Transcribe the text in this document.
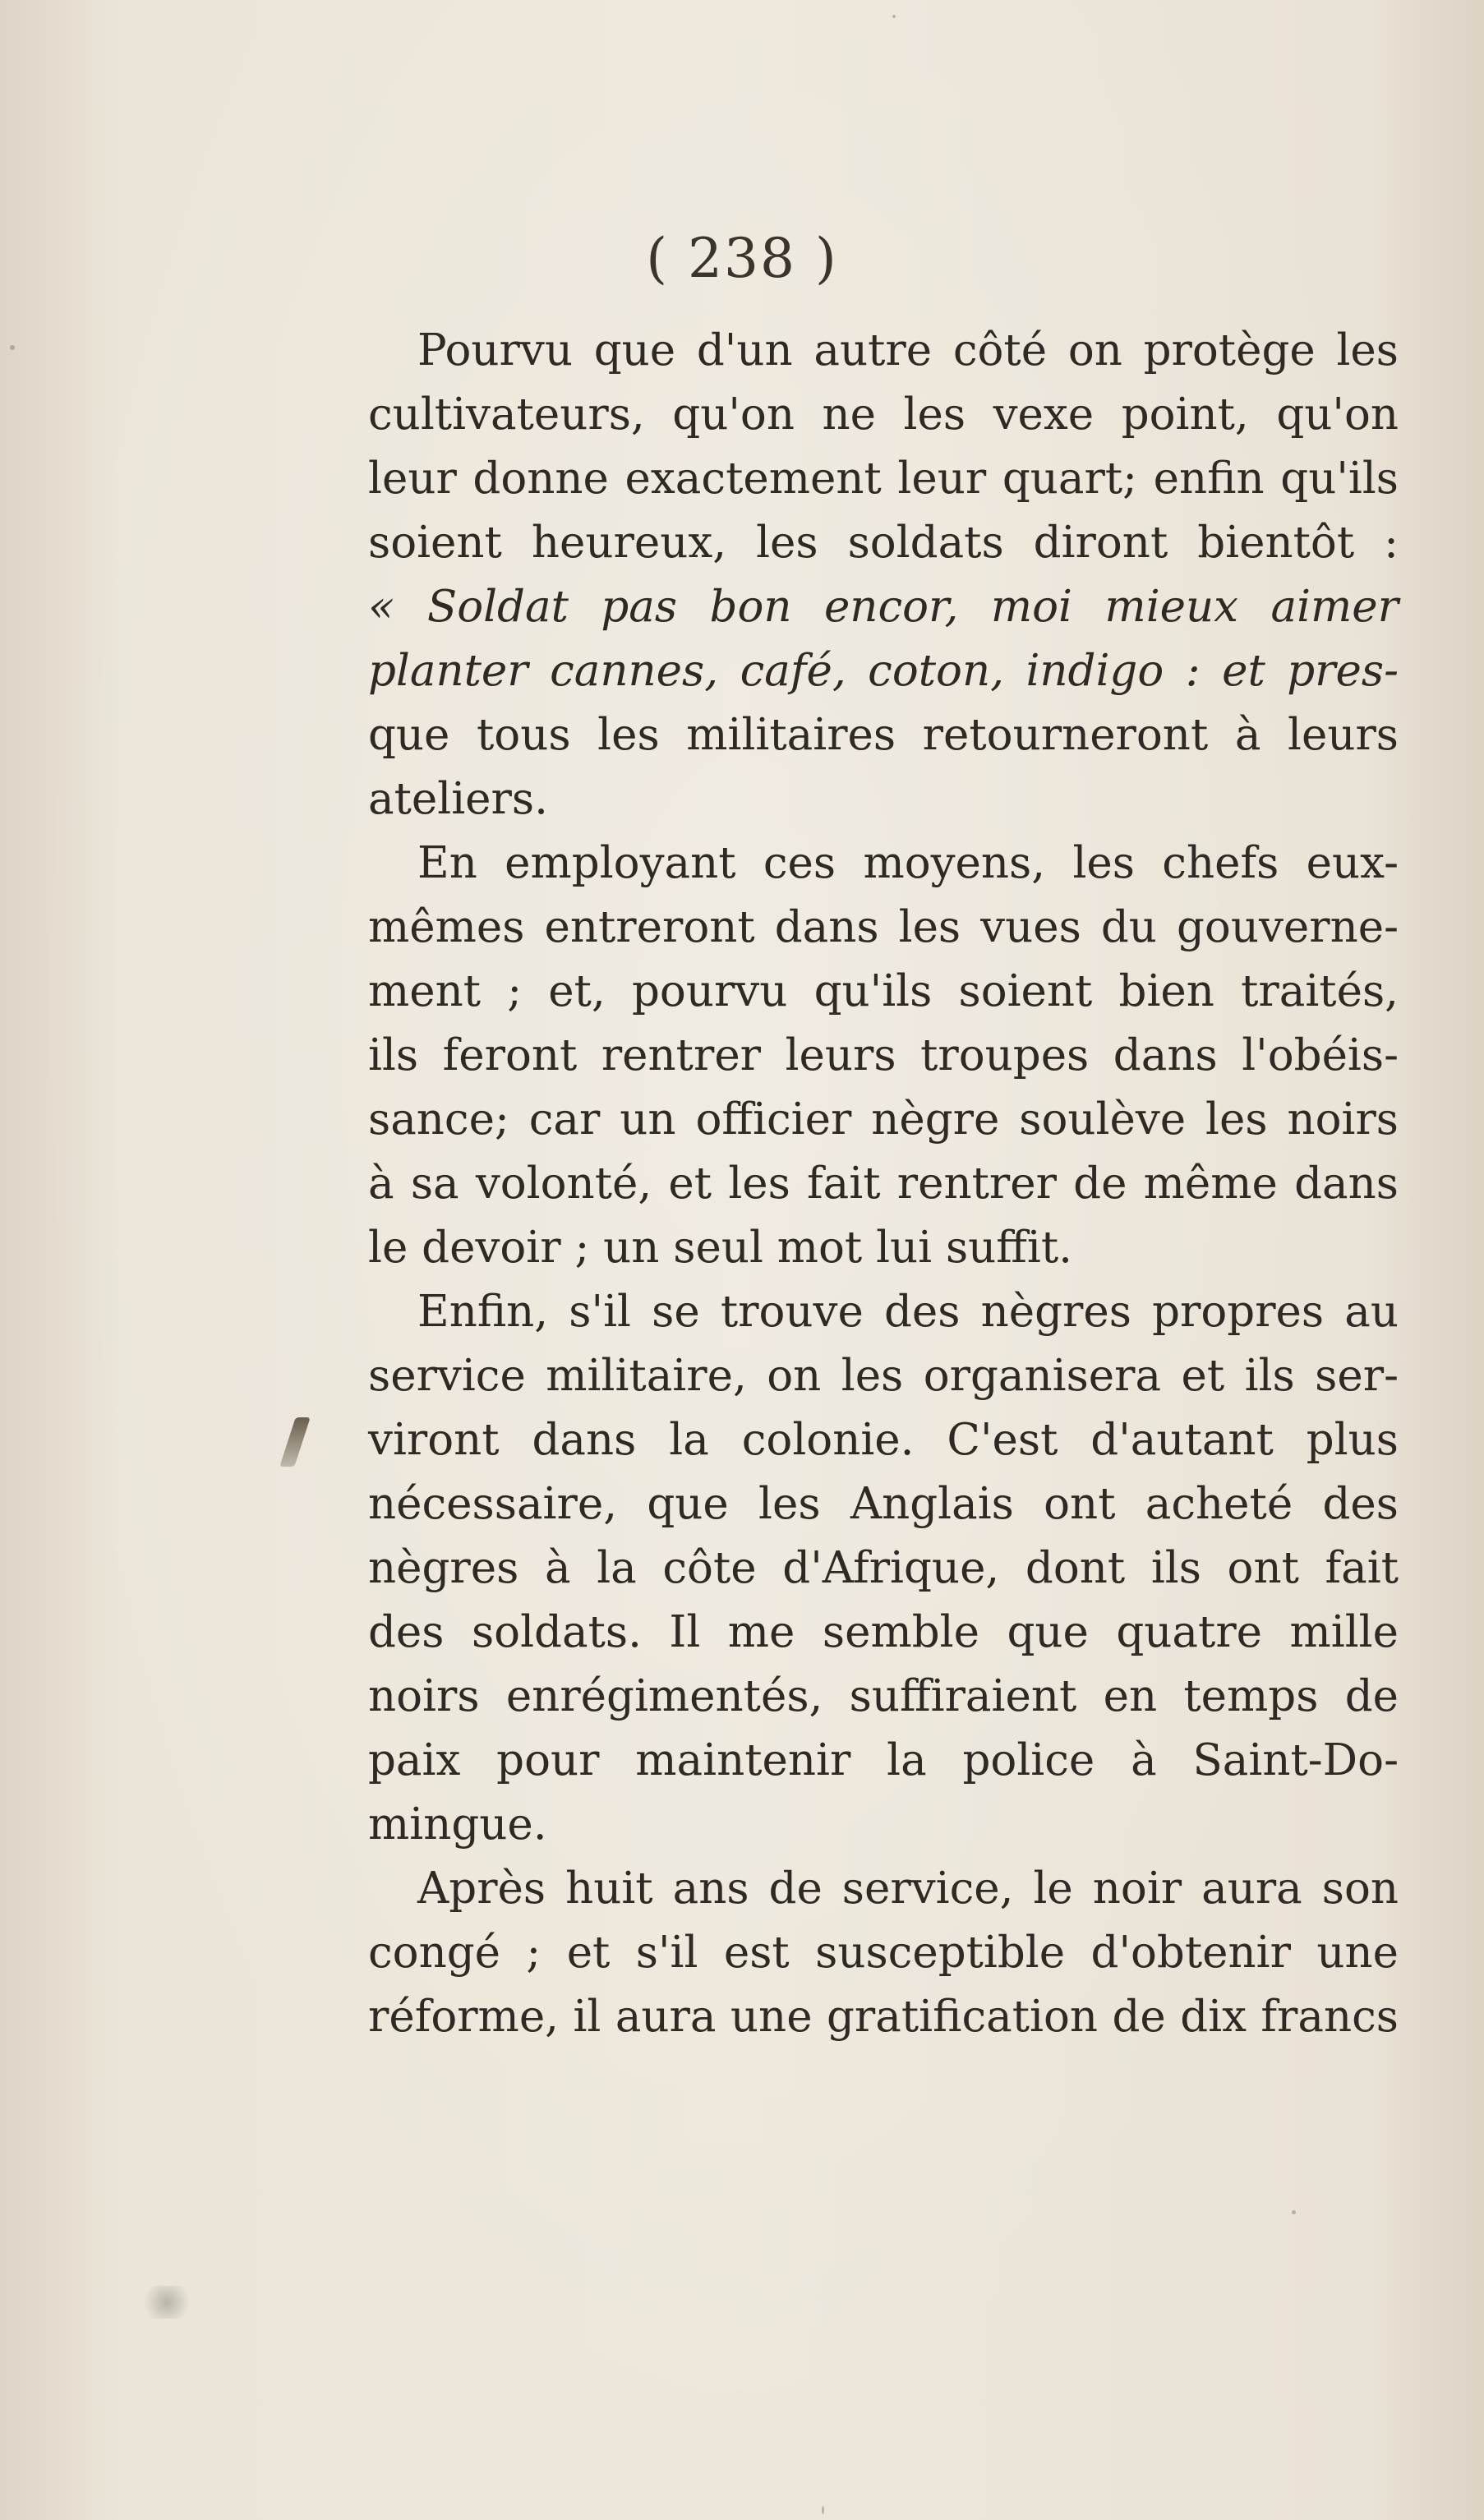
( 238 )

Pourvu que d'un autre côté on protège les
cultivateurs, qu'on ne les vexe point, qu'on
leur donne exactement leur quart; enfin qu'ils
soient heureux, les soldats diront bientôt :
« Soldat pas bon encor, moi mieux aimer
planter cannes, café, coton, indigo : et pres-
que tous les militaires retourneront à leurs
ateliers.

En employant ces moyens, les chefs eux-
mêmes entreront dans les vues du gouverne-
ment ; et, pourvu qu'ils soient bien traités,
ils feront rentrer leurs troupes dans l'obéis-
sance; car un officier nègre soulève les noirs
à sa volonté, et les fait rentrer de même dans
le devoir ; un seul mot lui suffit.

Enfin, s'il se trouve des nègres propres au
service militaire, on les organisera et ils ser-
viront dans la colonie. C'est d'autant plus
nécessaire, que les Anglais ont acheté des
nègres à la côte d'Afrique, dont ils ont fait
des soldats. Il me semble que quatre mille
noirs enrégimentés, suffiraient en temps de
paix pour maintenir la police à Saint-Do-
mingue.

Après huit ans de service, le noir aura son
congé ; et s'il est susceptible d'obtenir une
réforme, il aura une gratification de dix francs
